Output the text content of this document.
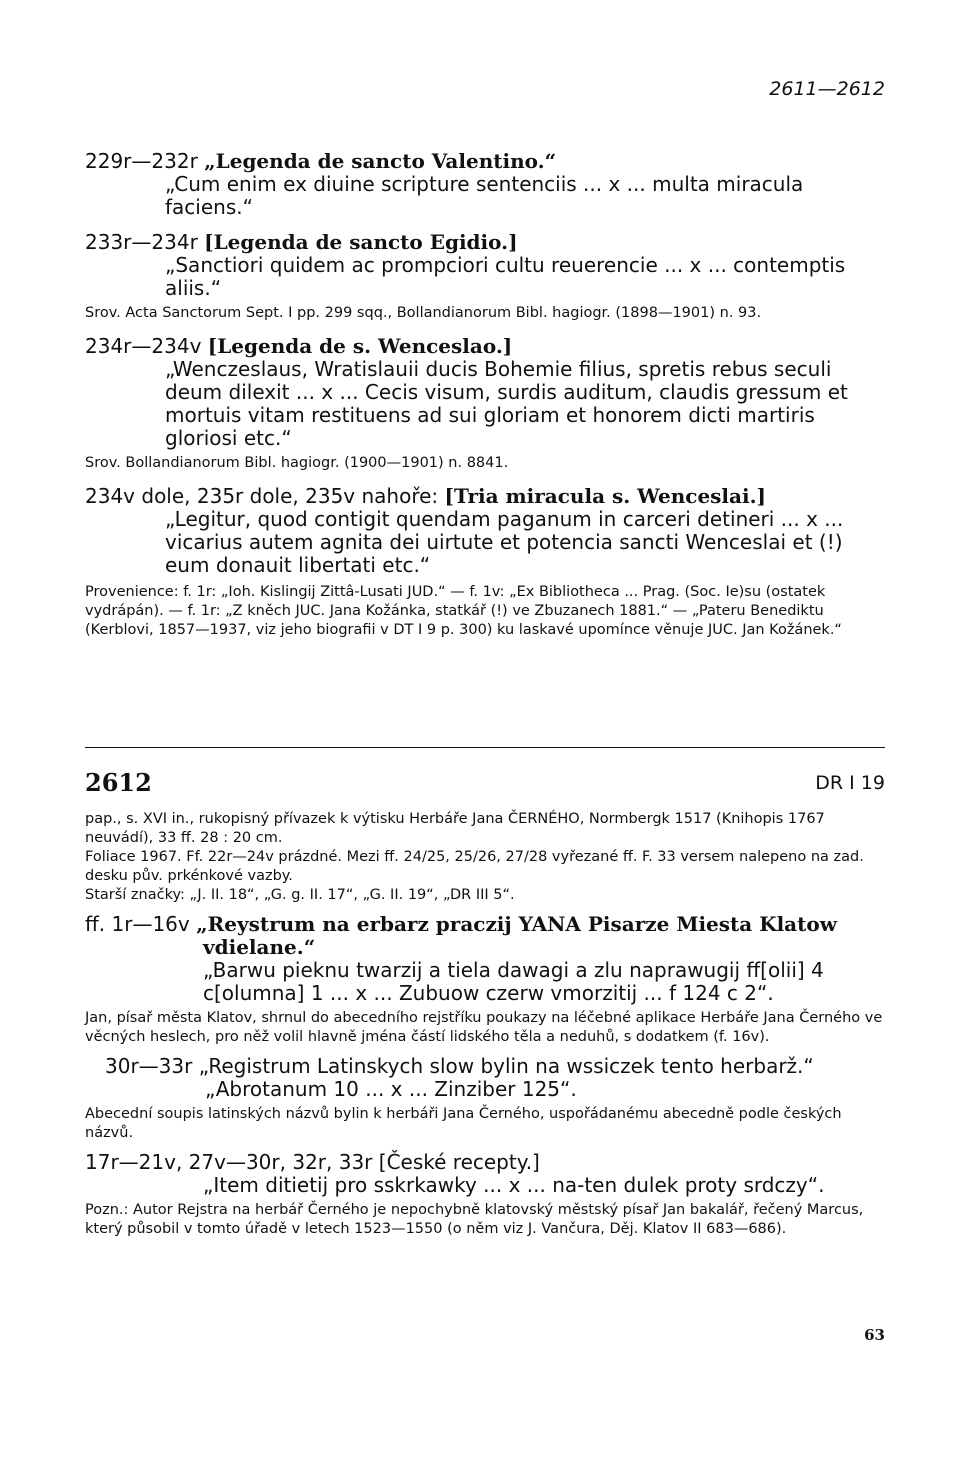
2611—2612

229r—232r „Legenda de sancto Valentino.“

„Cum enim ex diuine scripture sentenciis ... x ... multa miracula faciens.“

233r—234r [Legenda de sancto Egidio.]

„Sanctiori quidem ac prompciori cultu reuerencie ... x ... contemptis aliis.“

Srov. Acta Sanctorum Sept. I pp. 299 sqq., Bollandianorum Bibl. hagiogr. (1898—1901) n. 93.

234r—234v [Legenda de s. Wenceslao.]

„Wenczeslaus, Wratislauii ducis Bohemie filius, spretis rebus seculi deum dilexit ... x ... Cecis visum, surdis auditum, claudis gressum et mortuis vitam restituens ad sui gloriam et honorem dicti martiris gloriosi etc.“

Srov. Bollandianorum Bibl. hagiogr. (1900—1901) n. 8841.

234v dole, 235r dole, 235v nahoře: [Tria miracula s. Wenceslai.]

„Legitur, quod contigit quendam paganum in carceri detineri ... x ... vicarius autem agnita dei uirtute et potencia sancti Wenceslai et (!) eum donauit libertati etc.“

Provenience: f. 1r: „Ioh. Kislingij Zittâ-Lusati JUD.“ — f. 1v: „Ex Bibliotheca ... Prag. (Soc. Ie)su (ostatek vydrápán). — f. 1r: „Z kněch JUC. Jana Kožánka, statkář (!) ve Zbuzanech 1881.“ — „Pateru Benediktu (Kerblovi, 1857—1937, viz jeho biografii v DT I 9 p. 300) ku laskavé upomínce věnuje JUC. Jan Kožánek.“

2612	DR I 19

pap., s. XVI in., rukopisný přívazek k výtisku Herbáře Jana ČERNÉHO, Normbergk 1517 (Knihopis 1767 neuvádí), 33 ff. 28 : 20 cm.

Foliace 1967. Ff. 22r—24v prázdné. Mezi ff. 24/25, 25/26, 27/28 vyřezané ff. F. 33 versem nalepeno na zad. desku pův. prkénkové vazby.

Starší značky: „J. II. 18“, „G. g. II. 17“, „G. II. 19“, „DR III 5“.

ff. 1r—16v „Reystrum na erbarz praczij YANA Pisarze Miesta Klatow vdielane.“

„Barwu pieknu twarzij a tiela dawagi a zlu naprawugij ff[olii] 4 c[olumna] 1 ... x ... Zubuow czerw vmorzitij ... f 124 c 2“.

Jan, písař města Klatov, shrnul do abecedního rejstříku poukazy na léčebné aplikace Herbáře Jana Černého ve věcných heslech, pro něž volil hlavně jména částí lidského těla a neduhů, s dodatkem (f. 16v).

30r—33r „Registrum Latinskych slow bylin na wssiczek tento herbarž.“

„Abrotanum 10 ... x ... Zinziber 125“.

Abecední soupis latinských názvů bylin k herbáři Jana Černého, uspořádanému abecedně podle českých názvů.

17r—21v, 27v—30r, 32r, 33r [České recepty.]

„Item ditietij pro sskrkawky ... x ... na-ten dulek proty srdczy“.

Pozn.: Autor Rejstra na herbář Černého je nepochybně klatovský městský písař Jan bakalář, řečený Marcus, který působil v tomto úřadě v letech 1523—1550 (o něm viz J. Vančura, Děj. Klatov II 683—686).

63
